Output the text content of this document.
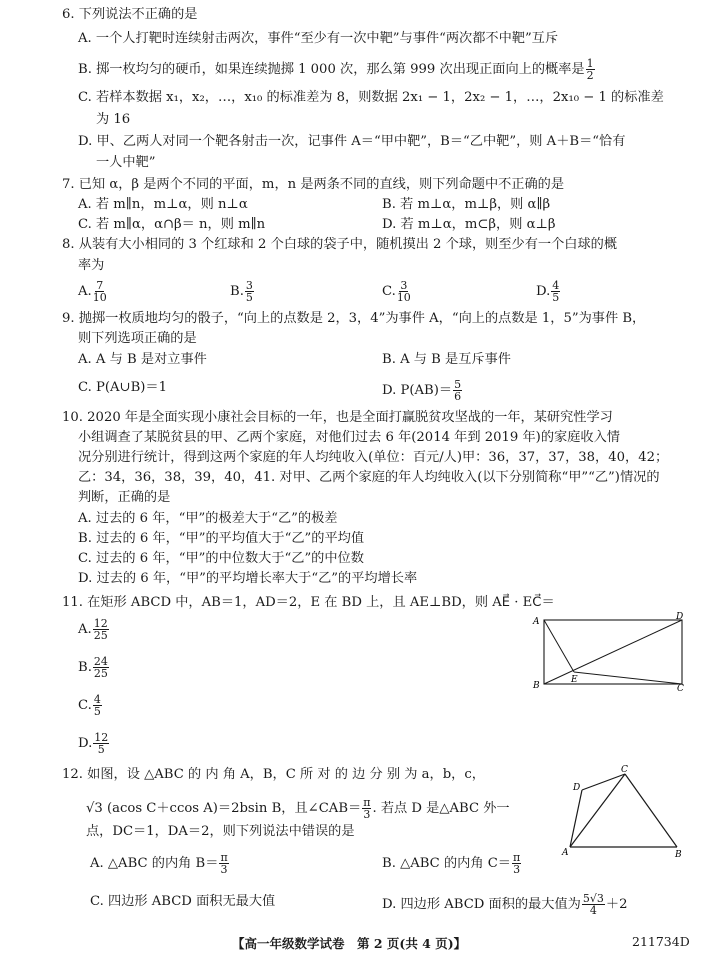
6. 下列说法不正确的是
A. 一个人打靶时连续射击两次，事件“至少有一次中靶”与事件“两次都不中靶”互斥
B. 掷一枚均匀的硬币，如果连续抛掷 1 000 次，那么第 999 次出现正面向上的概率是 $\frac{1}{2}$
C. 若样本数据 x₁，x₂，…，x₁₀ 的标准差为 8，则数据 2x₁ − 1，2x₂ − 1，…，2x₁₀ − 1 的标准差
为 16
D. 甲、乙两人对同一个靶各射击一次，记事件 A＝“甲中靶”，B＝“乙中靶”，则 A＋B＝“恰有
一人中靶”
7. 已知 α，β 是两个不同的平面，m，n 是两条不同的直线，则下列命题中不正确的是
A. 若 m∥n，m⊥α，则 n⊥α	B. 若 m⊥α，m⊥β，则 α∥β
C. 若 m∥α，α∩β＝ n，则 m∥n	D. 若 m⊥α，m⊂β，则 α⊥β
8. 从装有大小相同的 3 个红球和 2 个白球的袋子中，随机摸出 2 个球，则至少有一个白球的概
率为
A. $\frac{7}{10}$	B. $\frac{3}{5}$	C. $\frac{3}{10}$	D. $\frac{4}{5}$
9. 抛掷一枚质地均匀的骰子，“向上的点数是 2，3，4”为事件 A，“向上的点数是 1，5”为事件 B，
则下列选项正确的是
A. A 与 B 是对立事件	B. A 与 B 是互斥事件
C. P(A∪B)＝1	D. $P(AB)= \frac{5}{6}$
10. 2020 年是全面实现小康社会目标的一年，也是全面打赢脱贫攻坚战的一年，某研究性学习
小组调查了某脱贫县的甲、乙两个家庭，对他们过去 6 年(2014 年到 2019 年)的家庭收入情
况分别进行统计，得到这两个家庭的年人均纯收入(单位：百元/人)甲：36，37，37，38，40，42；
乙：34，36，38，39，40，41. 对甲、乙两个家庭的年人均纯收入(以下分别简称“甲”“乙”)情况的
判断，正确的是
A. 过去的 6 年，“甲”的极差大于“乙”的极差
B. 过去的 6 年，“甲”的平均值大于“乙”的平均值
C. 过去的 6 年，“甲”的中位数大于“乙”的中位数
D. 过去的 6 年，“甲”的平均增长率大于“乙”的平均增长率
11. 在矩形 ABCD 中，AB＝1，AD＝2，E 在 BD 上，且 AE⊥BD，则 AE⃗ · EC⃗＝
A. $\frac{12}{25}$
B. $\frac{24}{25}$
C. $\frac{4}{5}$
D. $\frac{12}{5}$
A
B	C
D
E
12. 如图，设 △ABC 的 内 角 A，B，C 所 对 的 边 分 别 为 a，b，c，
√3 (acos C＋ccos A)＝2bsin B，且∠CAB＝ $\frac{\pi}{3}$ . 若点 D 是△ABC 外一
点，DC＝1，DA＝2，则下列说法中错误的是
A. △ABC 的内角 $B= \frac{\pi}{3}$	B. △ABC 的内角 $C= \frac{\pi}{3}$
C. 四边形 ABCD 面积无最大值	D. 四边形 ABCD 面积的最大值为 $\frac{5√3}{4} +2$
A	B
C
D
【高一年级数学试卷　第 2 页(共 4 页)】	211734D
